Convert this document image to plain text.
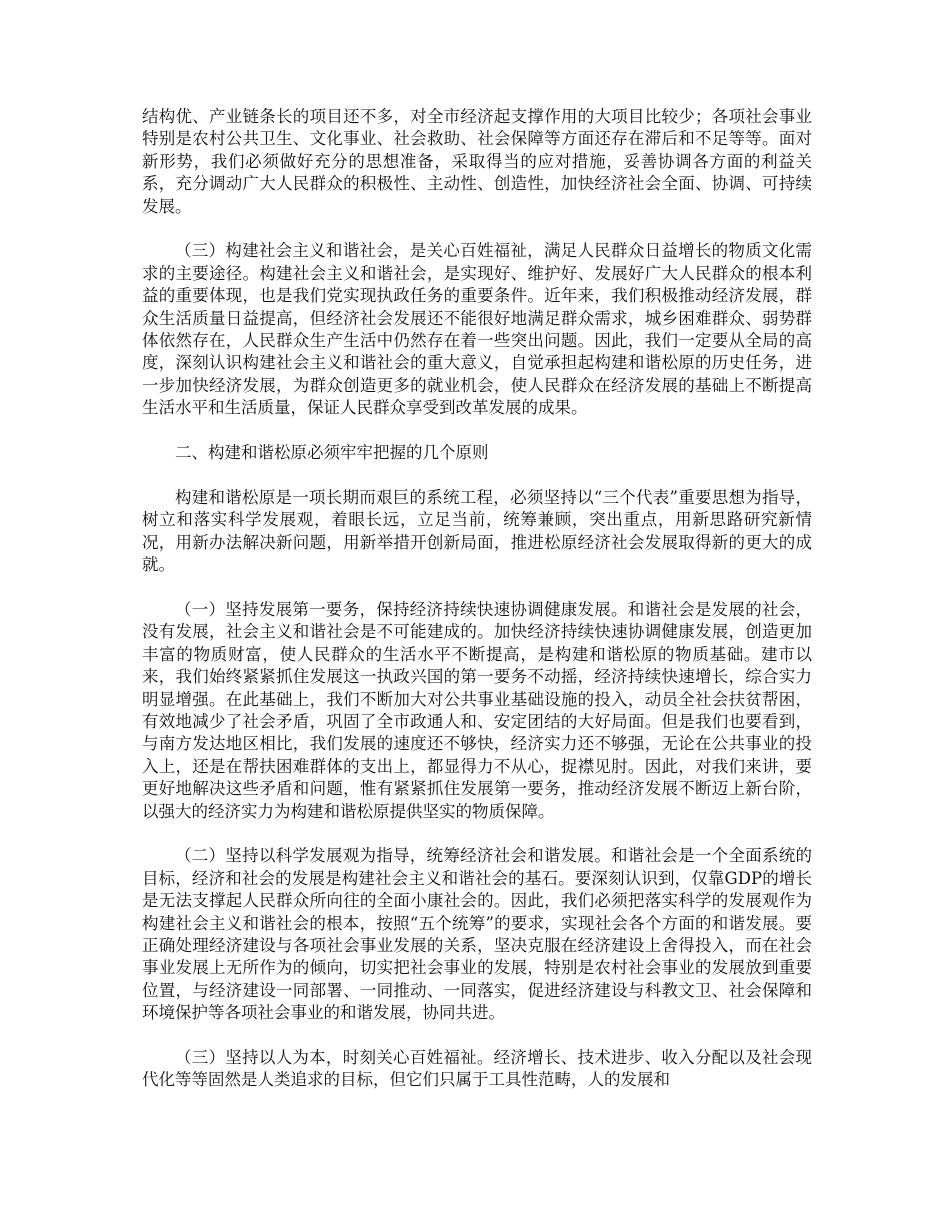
结构优、产业链条长的项目还不多，对全市经济起支撑作用的大项目比较少；各项社会事业特别是农村公共卫生、文化事业、社会救助、社会保障等方面还存在滞后和不足等等。面对新形势，我们必须做好充分的思想准备，采取得当的应对措施，妥善协调各方面的利益关系，充分调动广大人民群众的积极性、主动性、创造性，加快经济社会全面、协调、可持续发展。

（三）构建社会主义和谐社会，是关心百姓福祉，满足人民群众日益增长的物质文化需求的主要途径。构建社会主义和谐社会，是实现好、维护好、发展好广大人民群众的根本利益的重要体现，也是我们党实现执政任务的重要条件。近年来，我们积极推动经济发展，群众生活质量日益提高，但经济社会发展还不能很好地满足群众需求，城乡困难群众、弱势群体依然存在，人民群众生产生活中仍然存在着一些突出问题。因此，我们一定要从全局的高度，深刻认识构建社会主义和谐社会的重大意义，自觉承担起构建和谐松原的历史任务，进一步加快经济发展，为群众创造更多的就业机会，使人民群众在经济发展的基础上不断提高生活水平和生活质量，保证人民群众享受到改革发展的成果。

二、构建和谐松原必须牢牢把握的几个原则

构建和谐松原是一项长期而艰巨的系统工程，必须坚持以“三个代表”重要思想为指导，树立和落实科学发展观，着眼长远，立足当前，统筹兼顾，突出重点，用新思路研究新情况，用新办法解决新问题，用新举措开创新局面，推进松原经济社会发展取得新的更大的成就。

（一）坚持发展第一要务，保持经济持续快速协调健康发展。和谐社会是发展的社会，没有发展，社会主义和谐社会是不可能建成的。加快经济持续快速协调健康发展，创造更加丰富的物质财富，使人民群众的生活水平不断提高，是构建和谐松原的物质基础。建市以来，我们始终紧紧抓住发展这一执政兴国的第一要务不动摇，经济持续快速增长，综合实力明显增强。在此基础上，我们不断加大对公共事业基础设施的投入，动员全社会扶贫帮困，有效地减少了社会矛盾，巩固了全市政通人和、安定团结的大好局面。但是我们也要看到，与南方发达地区相比，我们发展的速度还不够快，经济实力还不够强，无论在公共事业的投入上，还是在帮扶困难群体的支出上，都显得力不从心，捉襟见肘。因此，对我们来讲，要更好地解决这些矛盾和问题，惟有紧紧抓住发展第一要务，推动经济发展不断迈上新台阶，以强大的经济实力为构建和谐松原提供坚实的物质保障。

（二）坚持以科学发展观为指导，统筹经济社会和谐发展。和谐社会是一个全面系统的目标，经济和社会的发展是构建社会主义和谐社会的基石。要深刻认识到，仅靠GDP的增长是无法支撑起人民群众所向往的全面小康社会的。因此，我们必须把落实科学的发展观作为构建社会主义和谐社会的根本，按照“五个统筹”的要求，实现社会各个方面的和谐发展。要正确处理经济建设与各项社会事业发展的关系，坚决克服在经济建设上舍得投入，而在社会事业发展上无所作为的倾向，切实把社会事业的发展，特别是农村社会事业的发展放到重要位置，与经济建设一同部署、一同推动、一同落实，促进经济建设与科教文卫、社会保障和环境保护等各项社会事业的和谐发展，协同共进。

（三）坚持以人为本，时刻关心百姓福祉。经济增长、技术进步、收入分配以及社会现代化等等固然是人类追求的目标，但它们只属于工具性范畴，人的发展和
